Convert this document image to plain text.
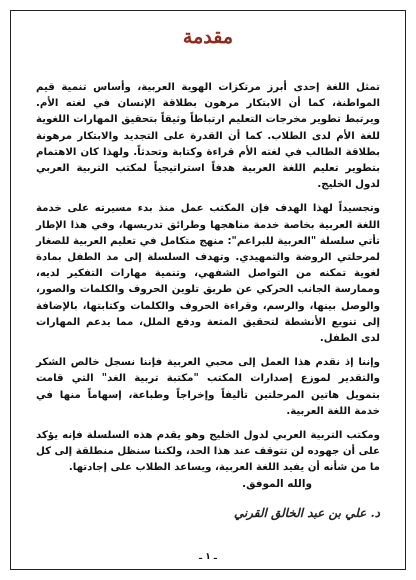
مقدمة

تمثل اللغة إحدى أبرز مرتكزات الهوية العربية، وأساس تنمية قيم المواطنة، كما أن الابتكار مرهون بطلاقة الإنسان في لغته الأم. ويرتبط تطوير مخرجات التعليم ارتباطاً وثيقاً بتحقيق المهارات اللغوية للغة الأم لدى الطلاب. كما أن القدرة على التجديد والابتكار مرهونة بطلاقة الطالب في لغته الأم قراءة وكتابة وتحدثاً. ولهذا كان الاهتمام بتطوير تعليم اللغة العربية هدفاً استراتيجياً لمكتب التربية العربي لدول الخليج.

وتجسيداً لهذا الهدف فإن المكتب عمل منذ بدء مسيرته على خدمة اللغة العربية بخاصة خدمة مناهجها وطرائق تدريسها، وفي هذا الإطار تأتي سلسلة "العربية للبراعم": منهج متكامل في تعليم العربية للصغار لمرحلتي الروضة والتمهيدي. وتهدف السلسلة إلى مد الطفل بمادة لغوية تمكنه من التواصل الشفهي، وتنمية مهارات التفكير لديه، وممارسة الجانب الحركي عن طريق تلوين الحروف والكلمات والصور، والوصل بينها، والرسم، وقراءة الحروف والكلمات وكتابتها، بالإضافة إلى تنويع الأنشطة لتحقيق المتعة ودفع الملل، مما يدعم المهارات لدى الطفل.

وإننا إذ نقدم هذا العمل إلى محبي العربية فإننا نسجل خالص الشكر والتقدير لموزع إصدارات المكتب "مكتبة تربية الغد" التي قامت بتمويل هاتين المرحلتين تأليفاً وإخراجاً وطباعة، إسهاماً منها في خدمة اللغة العربية.

ومكتب التربية العربي لدول الخليج وهو يقدم هذه السلسلة فإنه يؤكد على أن جهوده لن تتوقف عند هذا الحد، ولكننا سنظل منطلقة إلى كل ما من شأنه أن يفيد اللغة العربية، ويساعد الطلاب على إجادتها.

والله الموفق.
د. علي بن عبد الخالق القرني
ـ ١ ـ
